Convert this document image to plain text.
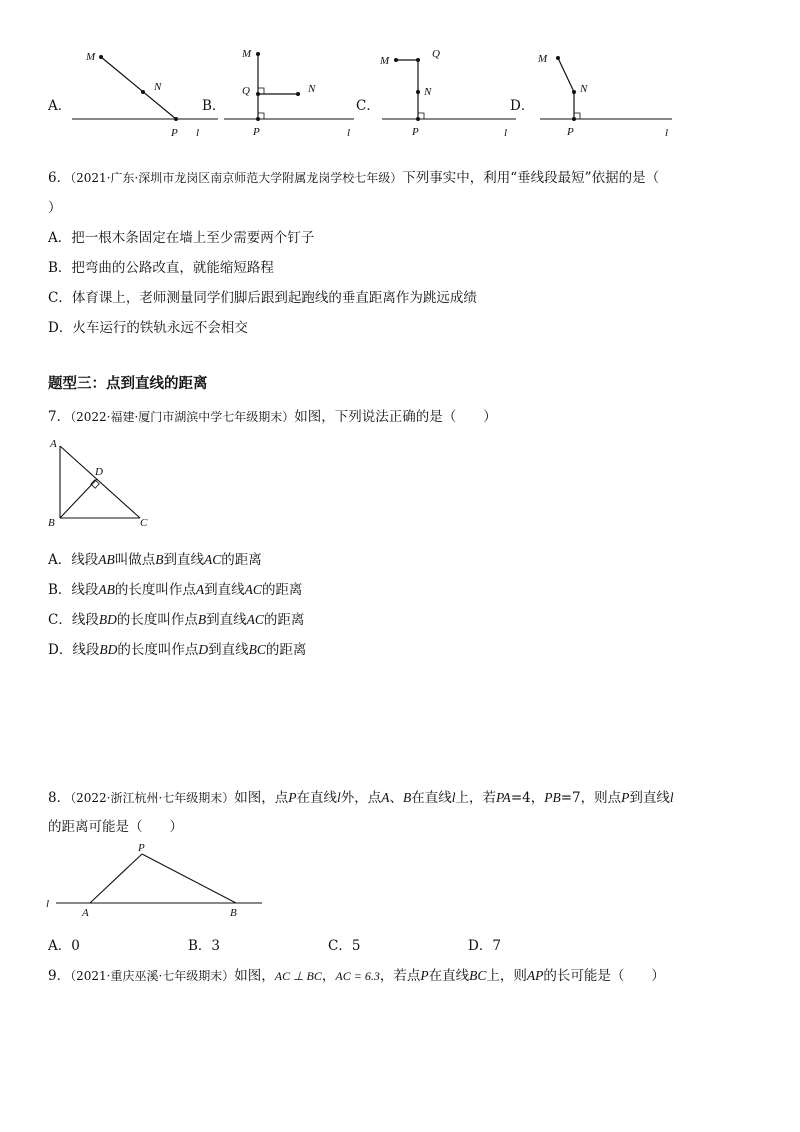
A．
M
N
P l
B．
M
Q	N
P	l
C．
M
Q
N
P	l
D．
M
N
P	l
6．（2021·广东·深圳市龙岗区南京师范大学附属龙岗学校七年级）下列事实中，利用“垂线段最短”依据的是（
）
A．把一根木条固定在墙上至少需要两个钉子
B．把弯曲的公路改直，就能缩短路程
C．体育课上，老师测量同学们脚后跟到起跑线的垂直距离作为跳远成绩
D．火车运行的铁轨永远不会相交
题型三：点到直线的距离
7．（2022·福建·厦门市湖滨中学七年级期末）如图，下列说法正确的是（　　）
A
D
B	C
A．线段AB叫做点B到直线AC的距离
B．线段AB的长度叫作点A到直线AC的距离
C．线段BD的长度叫作点B到直线AC的距离
D．线段BD的长度叫作点D到直线BC的距离
8．（2022·浙江杭州·七年级期末）如图，点P在直线l外，点A、B在直线l上，若PA=4，PB=7，则点P到直线l
的距离可能是（　　）
P
l
A	B
A．0	B．3	C．5	D．7
9．（2021·重庆巫溪·七年级期末）如图，AC ⊥ BC，AC = 6.3，若点P在直线BC上，则AP的长可能是（　　）
